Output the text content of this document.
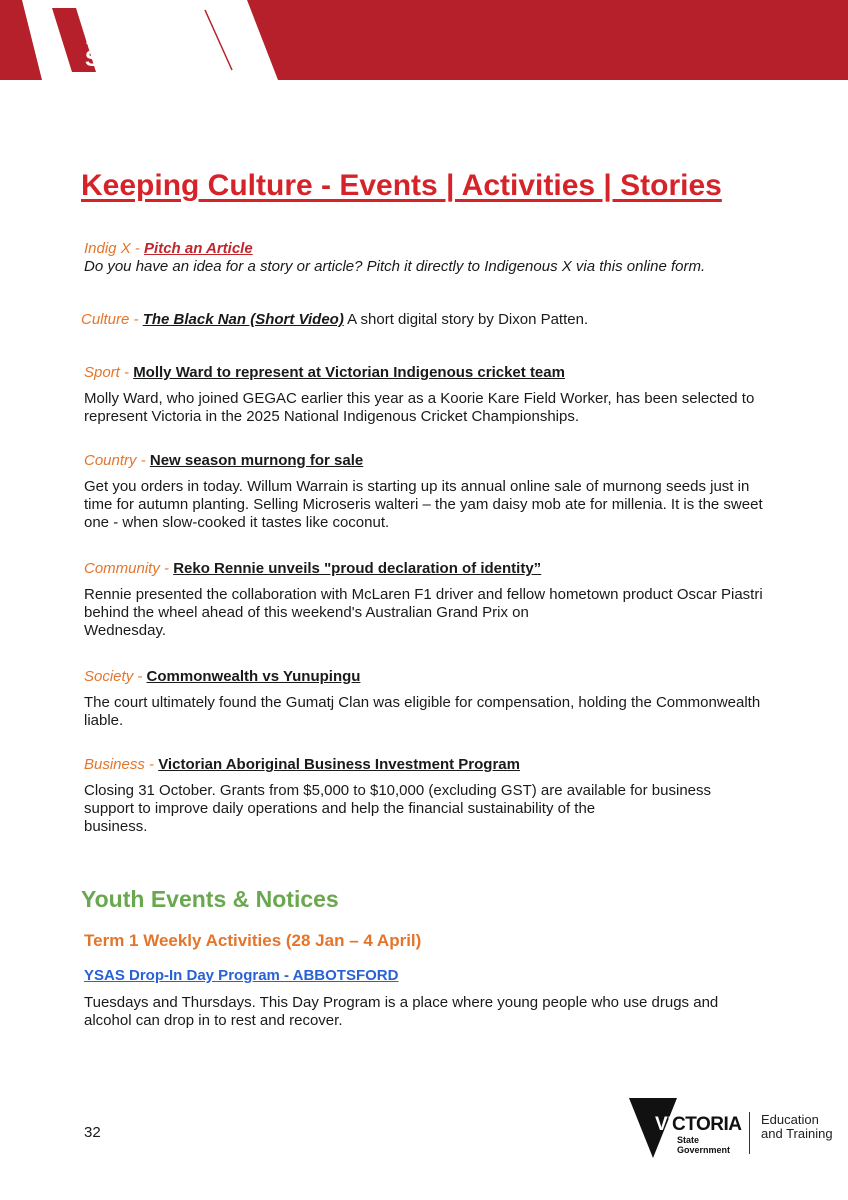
THE
EDUCATION
STATE
Keeping Culture - Events | Activities | Stories
Indig X - Pitch an Article
Do you have an idea for a story or article? Pitch it directly to Indigenous X via this online form.
Culture - The Black Nan (Short Video) A short digital story by Dixon Patten.
Sport - Molly Ward to represent at Victorian Indigenous cricket team
Molly Ward, who joined GEGAC earlier this year as a Koorie Kare Field Worker, has been selected to represent Victoria in the 2025 National Indigenous Cricket Championships.
Country - New season murnong for sale
Get you orders in today. Willum Warrain is starting up its annual online sale of murnong seeds just in time for autumn planting. Selling Microseris walteri – the yam daisy mob ate for millenia. It is the sweet one - when slow-cooked it tastes like coconut.
Community - Reko Rennie unveils "proud declaration of identity”
Rennie presented the collaboration with McLaren F1 driver and fellow hometown product Oscar Piastri behind the wheel ahead of this weekend's Australian Grand Prix on
Wednesday.
Society - Commonwealth vs Yunupingu
The court ultimately found the Gumatj Clan was eligible for compensation, holding the Commonwealth liable.
Business - Victorian Aboriginal Business Investment Program
Closing 31 October. Grants from $5,000 to $10,000 (excluding GST) are available for business support to improve daily operations and help the financial sustainability of the
business.
Youth Events & Notices
Term 1 Weekly Activities (28 Jan – 4 April)
YSAS Drop-In Day Program - ABBOTSFORD
Tuesdays and Thursdays. This Day Program is a place where young people who use drugs and alcohol can drop in to rest and recover.
32	VICTORIA
State
Government
Education
and Training
